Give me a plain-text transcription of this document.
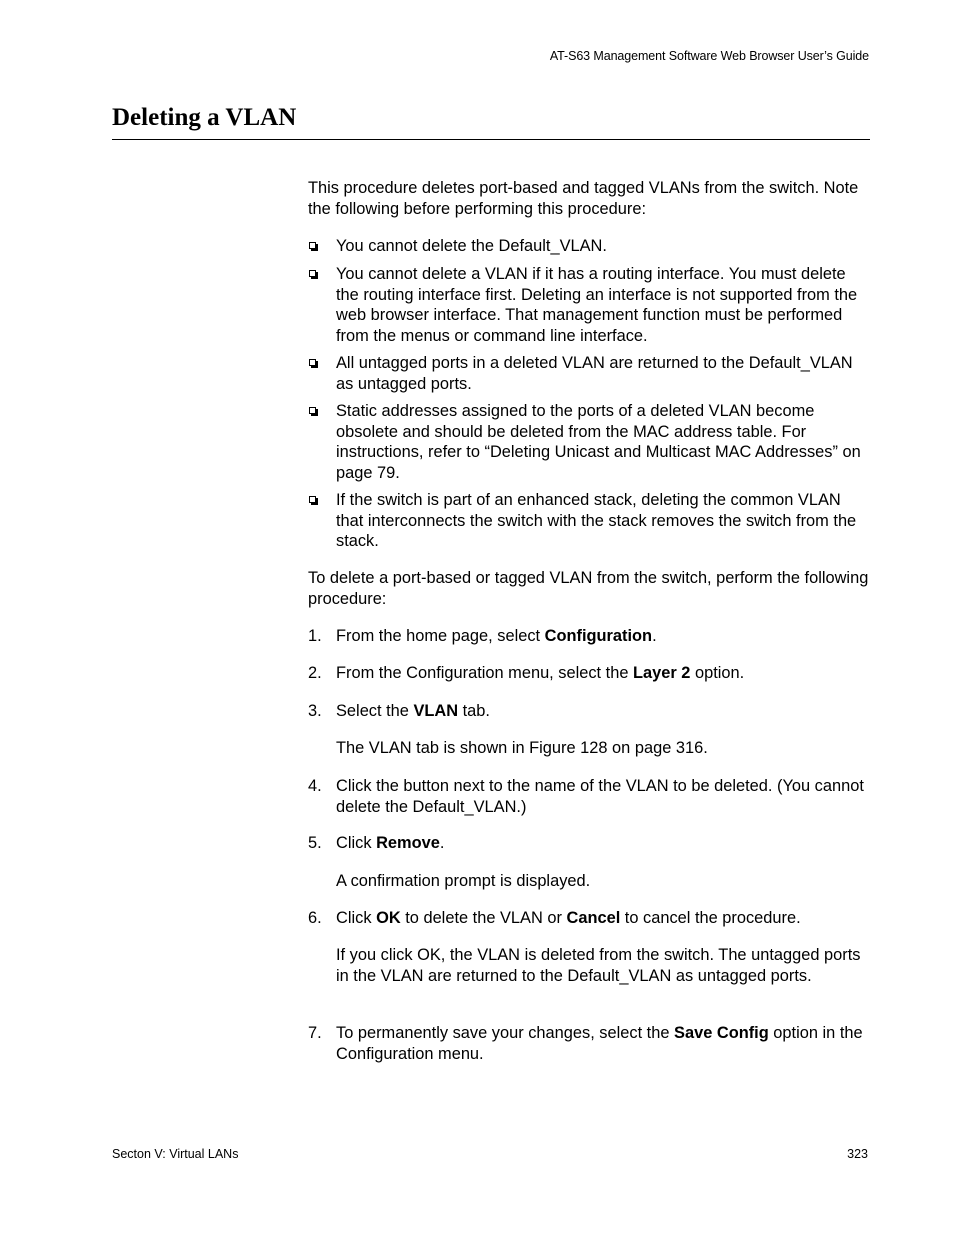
AT-S63 Management Software Web Browser User’s Guide
Deleting a VLAN

This procedure deletes port-based and tagged VLANs from the switch. Note the following before performing this procedure:

You cannot delete the Default_VLAN.
You cannot delete a VLAN if it has a routing interface. You must delete the routing interface first. Deleting an interface is not supported from the web browser interface. That management function must be performed from the menus or command line interface.
All untagged ports in a deleted VLAN are returned to the Default_VLAN as untagged ports.
Static addresses assigned to the ports of a deleted VLAN become obsolete and should be deleted from the MAC address table. For instructions, refer to “Deleting Unicast and Multicast MAC Addresses” on page 79.
If the switch is part of an enhanced stack, deleting the common VLAN that interconnects the switch with the stack removes the switch from the stack.

To delete a port-based or tagged VLAN from the switch, perform the following procedure:

1. From the home page, select Configuration.
2. From the Configuration menu, select the Layer 2 option.
3. Select the VLAN tab.

The VLAN tab is shown in Figure 128 on page 316.

4. Click the button next to the name of the VLAN to be deleted. (You cannot delete the Default_VLAN.)
5. Click Remove.

A confirmation prompt is displayed.

6. Click OK to delete the VLAN or Cancel to cancel the procedure.

If you click OK, the VLAN is deleted from the switch. The untagged ports in the VLAN are returned to the Default_VLAN as untagged ports.

7. To permanently save your changes, select the Save Config option in the Configuration menu.
Secton V: Virtual LANs	323
